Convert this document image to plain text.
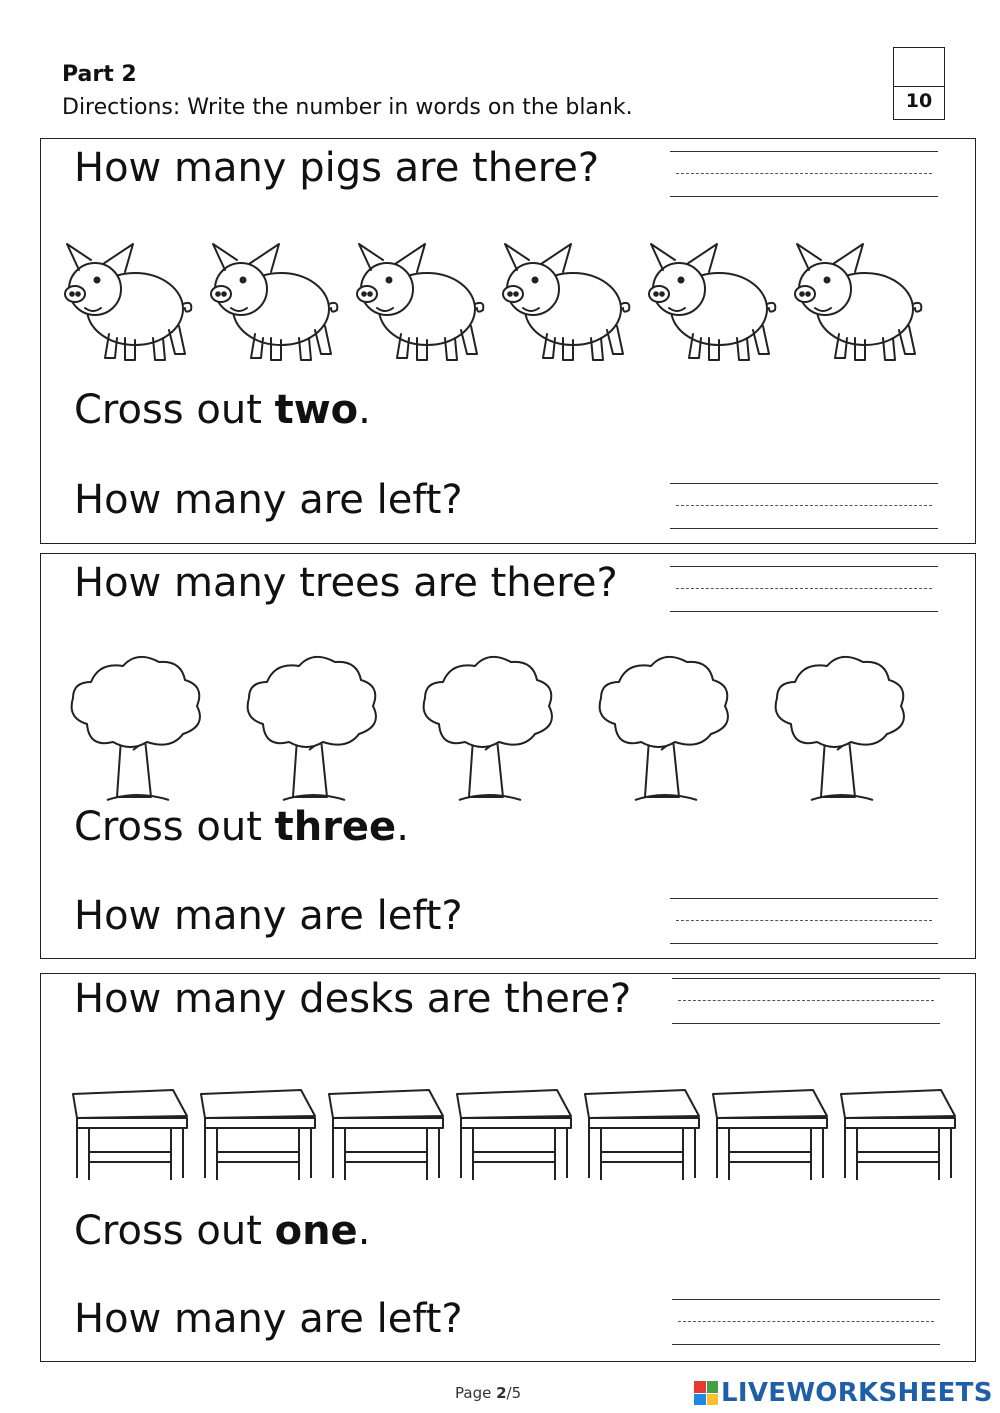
Part 2
Directions: Write the number in words on the blank.	10
How many pigs are there?
Cross out two.
How many are left?
How many trees are there?
Cross out three.
How many are left?
How many desks are there?
Cross out one.
How many are left?
Page 2/5	LIVEWORKSHEETS
